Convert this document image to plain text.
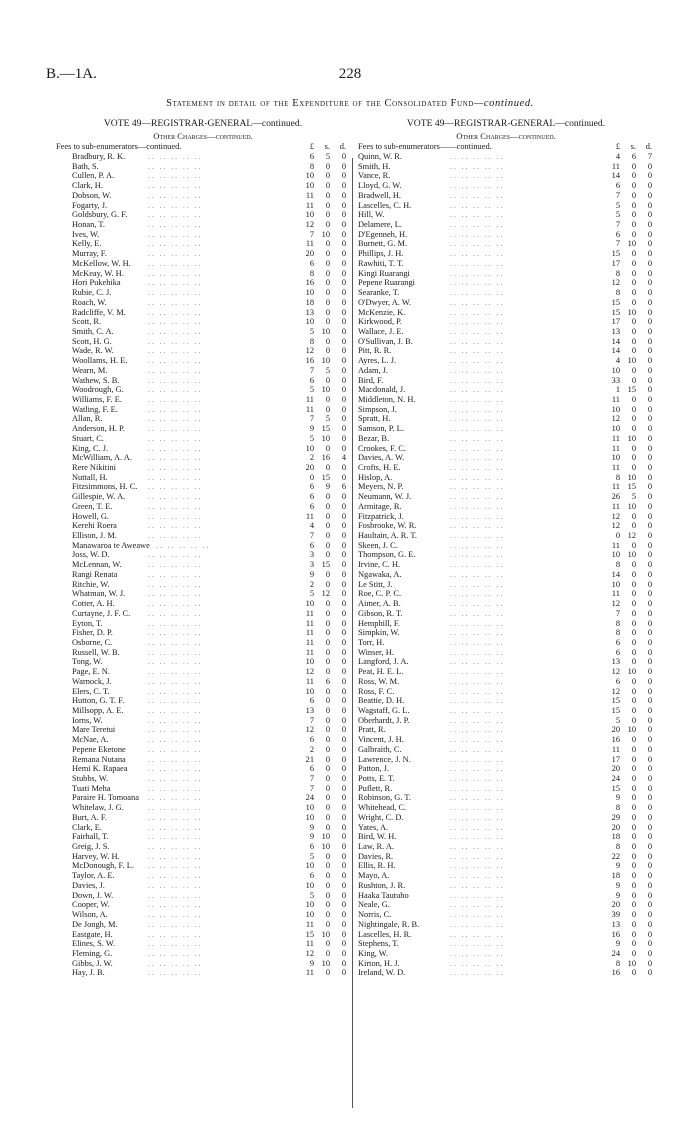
B.—1A.	228
Statement in detail of the Expenditure of the Consolidated Fund—continued.
VOTE 49—REGISTRAR-GENERAL—continued.
Other Charges—continued.
Fees to sub-enumerators—continued.	£	s.	d.
Bradbury, R. K.	.. .. .. .. ..	6	5	0
Bath, S.	.. .. .. .. ..	8	0	0
Cullen, P. A.	.. .. .. .. ..	10	0	0
Clark, H.	.. .. .. .. ..	10	0	0
Dobson, W.	.. .. .. .. ..	11	0	0
Fogarty, J.	.. .. .. .. ..	11	0	0
Goldsbury, G. F.	.. .. .. .. ..	10	0	0
Honan, T.	.. .. .. .. ..	12	0	0
Ives, W.	.. .. .. .. ..	7 10	0
Kelly, E.	.. .. .. .. ..	11	0	0
Murray, F.	.. .. .. .. ..	20	0	0
McKellow, W. H. .. .. .. .. ..	6	0	0
McKeay, W. H.	.. .. .. .. ..	8	0	0
Hori Pukehika	.. .. .. .. ..	16	0	0
Rubie, C. J.	.. .. .. .. ..	10	0	0
Roach, W.	.. .. .. .. ..	18	0	0
Radcliffe, V. M.	.. .. .. .. ..	13	0	0
Scott, R.	.. .. .. .. ..	10	0	0
Smith, C. A.	.. .. .. .. ..	5 10	0
Scott, H. G.	.. .. .. .. ..	8	0	0
Wade, R. W.	.. .. .. .. ..	12	0	0
Woollams, H. E.	.. .. .. .. ..	16 10	0
Wearn, M.	.. .. .. .. ..	7	5	0
Wathew, S. B.	.. .. .. .. ..	6	0	0
Woodrough, G.	.. .. .. .. ..	5 10	0
Williams, F. E.	.. .. .. .. ..	11	0	0
Watling, F. E.	.. .. .. .. ..	11	0	0
Allan, R.	.. .. .. .. ..	7	5	0
Anderson, H. P.	.. .. .. .. ..	9 15	0
Stuart, C.	.. .. .. .. ..	5 10	0
King, C. J.	.. .. .. .. ..	10	0	0
McWilliam, A. A. .. .. .. .. ..	2 16	4
Rere Nikitini	.. .. .. .. ..	20	0	0
Nuttall, H.	.. .. .. .. ..	0 15	0
Fitzsimmons, H. C. .. .. .. .. ..	6	9	6
Gillespie, W. A.	.. .. .. .. ..	6	0	0
Green, T. E.	.. .. .. .. ..	6	0	0
Howell, G.	.. .. .. .. ..	11	0	0
Kerehi Roera	.. .. .. .. ..	4	0	0
Ellison, J. M.	.. .. .. .. ..	7	0	0
Manawaroa te Aweawe .. .. .. .. ..	6	0	0
Joss, W. D.	.. .. .. .. ..	3	0	0
McLennan, W.	.. .. .. .. ..	3 15	0
Rangi Renata	.. .. .. .. ..	9	0	0
Ritchie, W.	.. .. .. .. ..	2	0	0
Whatman, W. J.	.. .. .. .. ..	5 12	0
Cotter, A. H.	.. .. .. .. ..	10	0	0
Curtayne, J. F. C. .. .. .. .. ..	11	0	0
Eyton, T.	.. .. .. .. ..	11	0	0
Fisher, D. P.	.. .. .. .. ..	11	0	0
Osborne, C.	.. .. .. .. ..	11	0	0
Russell, W. B.	.. .. .. .. ..	11	0	0
Tong, W.	.. .. .. .. ..	10	0	0
Page, E. N.	.. .. .. .. ..	12	0	0
Warnock, J.	.. .. .. .. ..	11	6	0
Elers, C. T.	.. .. .. .. ..	10	0	0
Hutton, G. T. F.	.. .. .. .. ..	6	0	0
Millsopp, A. E.	.. .. .. .. ..	13	0	0
Iorns, W.	.. .. .. .. ..	7	0	0
Mare Teretui	.. .. .. .. ..	12	0	0
McNae, A.	.. .. .. .. ..	6	0	0
Pepene Eketone	.. .. .. .. ..	2	0	0
Remana Nutana	.. .. .. .. ..	21	0	0
Hemi K. Rapaea	.. .. .. .. ..	6	0	0
Stubbs, W.	.. .. .. .. ..	7	0	0
Tuati Meha	.. .. .. .. ..	7	0	0
Paraire H. Tomoana .. .. .. .. ..	24	0	0
Whitelaw, J. G.	.. .. .. .. ..	10	0	0
Burt, A. F.	.. .. .. .. ..	10	0	0
Clark, E.	.. .. .. .. ..	9	0	0
Fairhall, T.	.. .. .. .. ..	9 10	0
Greig, J. S.	.. .. .. .. ..	6 10	0
Harvey, W. H.	.. .. .. .. ..	5	0	0
McDonough, F. L. .. .. .. .. ..	10	0	0
Taylor, A. E.	.. .. .. .. ..	6	0	0
Davies, J.	.. .. .. .. ..	10	0	0
Down, J. W.	.. .. .. .. ..	5	0	0
Cooper, W.	.. .. .. .. ..	10	0	0
Wilson, A.	.. .. .. .. ..	10	0	0
De Jongh, M.	.. .. .. .. ..	11	0	0
Eastgate, H.	.. .. .. .. ..	15 10	0
Elines, S. W.	.. .. .. .. ..	11	0	0
Fleming, G.	.. .. .. .. ..	12	0	0
Gibbs, J. W.	.. .. .. .. ..	9 10	0
Hay, J. B.	.. .. .. .. ..	11	0	0
VOTE 49—REGISTRAR-GENERAL—continued.
Other Charges—continued.
Fees to sub-enumerators——continued.	£	s.	d.
Quinn, W. R.	.. .. .. .. ..	4	6	7
Smith, H.	.. .. .. .. ..	11	0	0
Vance, R.	.. .. .. .. ..	14	0	0
Lloyd, G. W.	.. .. .. .. ..	6	0	0
Bradwell, H.	.. .. .. .. ..	7	0	0
Lascelles, C. H.	.. .. .. .. ..	5	0	0
Hill, W.	.. .. .. .. ..	5	0	0
Delamere, L.	.. .. .. .. ..	7	0	0
D'Egenneh, H.	.. .. .. .. ..	6	0	0
Burnett, G. M.	.. .. .. .. ..	7 10	0
Phillips, J. H.	.. .. .. .. ..	15	0	0
Rawhiti, T. T.	.. .. .. .. ..	17	0	0
Kingi Ruarangi	.. .. .. .. ..	8	0	0
Pepene Ruarangi	.. .. .. .. ..	12	0	0
Searanke, T.	.. .. .. .. ..	8	0	0
O'Dwyer, A. W.	.. .. .. .. ..	15	0	0
McKenzie, K.	.. .. .. .. ..	15 10	0
Kirkwood, P.	.. .. .. .. ..	17	0	0
Wallace, J. E.	.. .. .. .. ..	13	0	0
O'Sullivan, J. B.	.. .. .. .. ..	14	0	0
Pitt, R. R.	.. .. .. .. ..	14	0	0
Ayres, L. J.	.. .. .. .. ..	4 10	0
Adam, J.	.. .. .. .. ..	10	0	0
Bird, F.	.. .. .. .. ..	33	0	0
Macdonald, J.	.. .. .. .. ..	1 15	0
Middleton, N. H.	.. .. .. .. ..	11	0	0
Simpson, J.	.. .. .. .. ..	10	0	0
Spratt, H.	.. .. .. .. ..	12	0	0
Samson, P. L.	.. .. .. .. ..	10	0	0
Bezar, B.	.. .. .. .. ..	11 10	0
Crookes, F. C.	.. .. .. .. ..	11	0	0
Davies, A. W.	.. .. .. .. ..	10	0	0
Crofts, H. E.	.. .. .. .. ..	11	0	0
Hislop, A.	.. .. .. .. ..	8 10	0
Meyers, N. P.	.. .. .. .. ..	11 15	0
Neumann, W. J.	.. .. .. .. ..	26	5	0
Armitage, R.	.. .. .. .. ..	11 10	0
Fitzpatrick, J.	.. .. .. .. ..	12	0	0
Fosbrooke, W. R.	.. .. .. .. ..	12	0	0
Haultain, A. R. T.	.. .. .. .. ..	0 12	0
Skeen, J. C.	.. .. .. .. ..	11	0	0
Thompson, G. E.	.. .. .. .. ..	10 10	0
Irvine, C. H.	.. .. .. .. ..	8	0	0
Ngawaka, A.	.. .. .. .. ..	14	0	0
Le Stitt, J.	.. .. .. .. ..	10	0	0
Roe, C. P. C.	.. .. .. .. ..	11	0	0
Aimer, A. B.	.. .. .. .. ..	12	0	0
Gibson, R. T.	.. .. .. .. ..	7	0	0
Hemphill, F.	.. .. .. .. ..	8	0	0
Simpkin, W.	.. .. .. .. ..	8	0	0
Torr, H.	.. .. .. .. ..	6	0	0
Winser, H.	.. .. .. .. ..	6	0	0
Langford, J. A.	.. .. .. .. ..	13	0	0
Peat, H. E. L.	.. .. .. .. ..	12 10	0
Ross, W. M.	.. .. .. .. ..	6	0	0
Ross, F. C.	.. .. .. .. ..	12	0	0
Beattie, D. H.	.. .. .. .. ..	15	0	0
Wagstaff, G. L.	.. .. .. .. ..	15	0	0
Oberhardt, J. P.	.. .. .. .. ..	5	0	0
Pratt, R.	.. .. .. .. ..	20 10	0
Vincent, J. H.	.. .. .. .. ..	16	0	0
Galbraith, C.	.. .. .. .. ..	11	0	0
Lawrence, J. N.	.. .. .. .. ..	17	0	0
Patton, J.	.. .. .. .. ..	20	0	0
Potts, E. T.	.. .. .. .. ..	24	0	0
Puflett, R.	.. .. .. .. ..	15	0	0
Robinson, G. T.	.. .. .. .. ..	9	0	0
Whitehead, C.	.. .. .. .. ..	8	0	0
Wright, C. D.	.. .. .. .. ..	29	0	0
Yates, A.	.. .. .. .. ..	20	0	0
Bird, W. H.	.. .. .. .. ..	18	0	0
Law, R. A.	.. .. .. .. ..	8	0	0
Davies, R.	.. .. .. .. ..	22	0	0
Ellis, R. H.	.. .. .. .. ..	9	0	0
Mayo, A.	.. .. .. .. ..	18	0	0
Rushton, J. R.	.. .. .. .. ..	9	0	0
Haaka Tautuho	.. .. .. .. ..	9	0	0
Neale, G.	.. .. .. .. ..	20	0	0
Norris, C.	.. .. .. .. ..	39	0	0
Nightingale, R. B.	.. .. .. .. ..	13	0	0
Lascelles, H. R.	.. .. .. .. ..	16	0	0
Stephens, T.	.. .. .. .. ..	9	0	0
King, W.	.. .. .. .. ..	24	0	0
Kirton, H. J.	.. .. .. .. ..	8 10	0
Ireland, W. D.	.. .. .. .. ..	16	0	0
